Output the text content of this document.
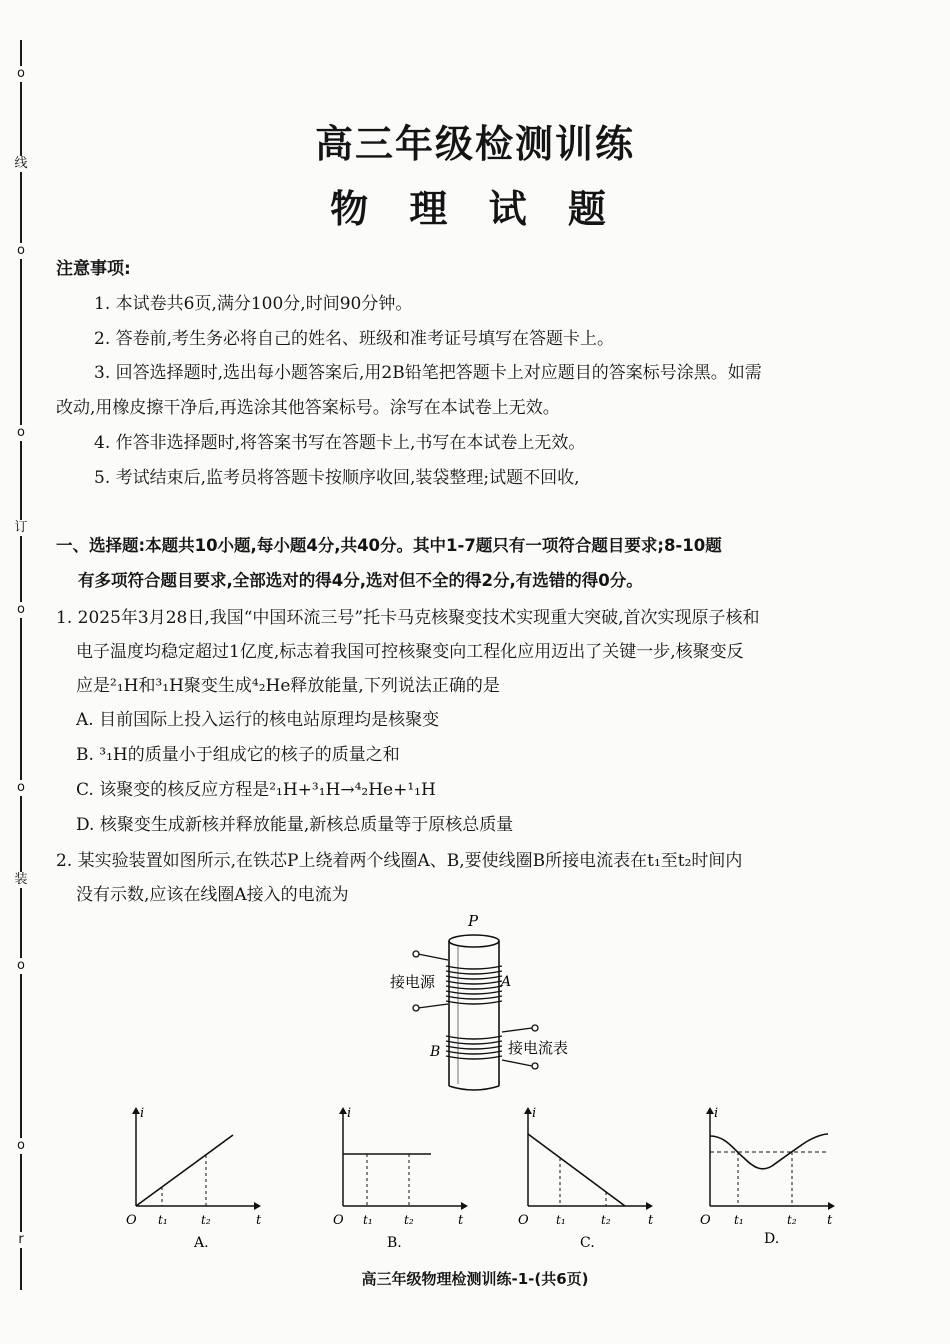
o
线
o
o
订
o
o
装
o
o
r
高三年级检测训练
物 理 试 题
注意事项:
1. 本试卷共6页,满分100分,时间90分钟。
2. 答卷前,考生务必将自己的姓名、班级和准考证号填写在答题卡上。
3. 回答选择题时,选出每小题答案后,用2B铅笔把答题卡上对应题目的答案标号涂黑。如需
改动,用橡皮擦干净后,再选涂其他答案标号。涂写在本试卷上无效。
4. 作答非选择题时,将答案书写在答题卡上,书写在本试卷上无效。
5. 考试结束后,监考员将答题卡按顺序收回,装袋整理;试题不回收,
一、选择题:本题共10小题,每小题4分,共40分。其中1-7题只有一项符合题目要求;8-10题
有多项符合题目要求,全部选对的得4分,选对但不全的得2分,有选错的得0分。
1. 2025年3月28日,我国“中国环流三号”托卡马克核聚变技术实现重大突破,首次实现原子核和
电子温度均稳定超过1亿度,标志着我国可控核聚变向工程化应用迈出了关键一步,核聚变反
应是²₁H和³₁H聚变生成⁴₂He释放能量,下列说法正确的是
A. 目前国际上投入运行的核电站原理均是核聚变
B. ³₁H的质量小于组成它的核子的质量之和
C. 该聚变的核反应方程是²₁H+³₁H→⁴₂He+¹₁H
D. 核聚变生成新核并释放能量,新核总质量等于原核总质量
2. 某实验装置如图所示,在铁芯P上绕着两个线圈A、B,要使线圈B所接电流表在t₁至t₂时间内
没有示数,应该在线圈A接入的电流为
P
接电源	A
接电流表
B
i
t
O t₁	t₂
A.
i
t
O t₁	t₂
B.
i
t
O t₁	t₂
C.
i
t
O t₁	t₂
D.
高三年级物理检测训练-1-(共6页)
